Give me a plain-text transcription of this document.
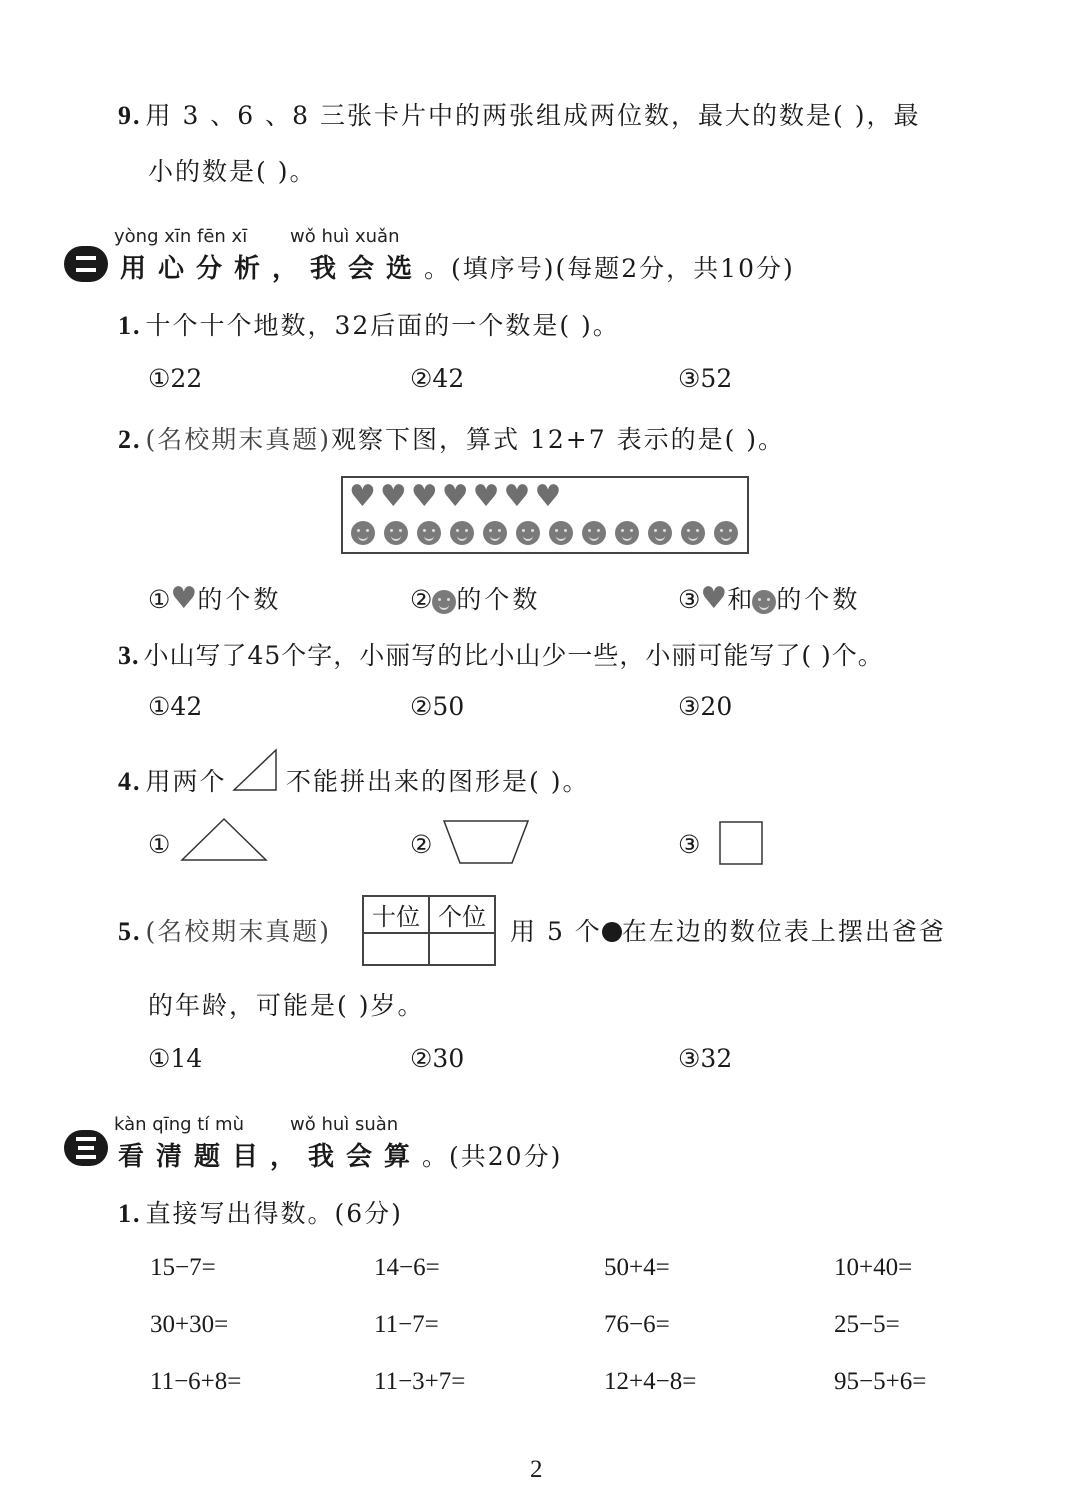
9. 用 3 、6 、8 三张卡片中的两张组成两位数，最大的数是( )，最
小的数是( )。
yòng xīn fēn xī wǒ huì xuǎn
用心分析，我会选。(填序号)(每题2分，共10分)
1. 十个十个地数，32后面的一个数是( )。
①22	②42	③52
2. (名校期末真题)观察下图，算式 12+7 表示的是( )。
♥ ♥ ♥ ♥ ♥ ♥ ♥
①♥的个数	② 的个数	③♥和 的个数
3. 小山写了45个字，小丽写的比小山少一些，小丽可能写了( )个。
①42	②50	③20
4. 用两个 不能拼出来的图形是( )。
①	②	③
5. (名校期末真题) 十位	个位
	用 5 个 在左边的数位表上摆出爸爸
的年龄，可能是( )岁。
①14	②30	③32
kàn qīng tí mù	wǒ huì suàn
看清题目，我会算。(共20分)
1. 直接写出得数。(6分)
15−7=	14−6=	50+4=	10+40=
30+30=	11−7=	76−6=	25−5=
11−6+8=	11−3+7=	12+4−8=	95−5+6=
2
